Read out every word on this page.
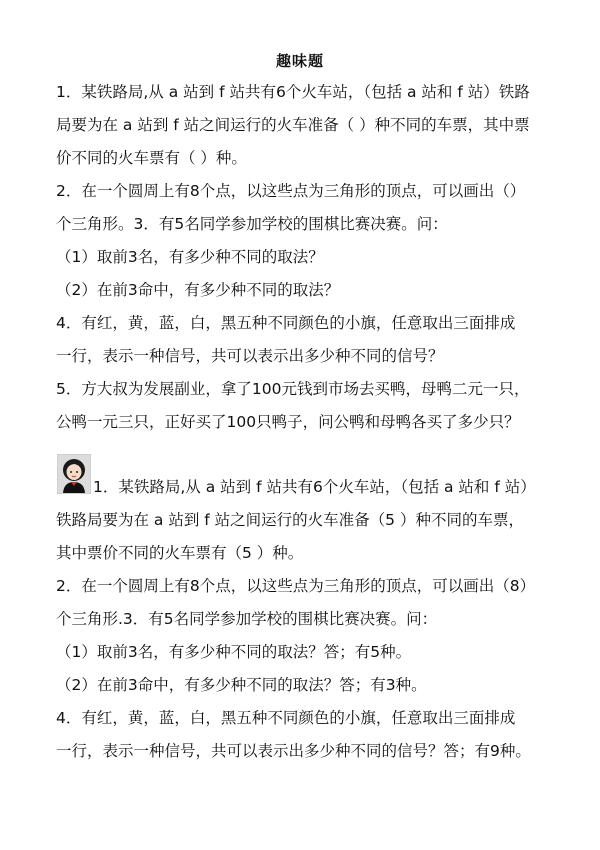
趣味题
1．某铁路局,从 a 站到 f 站共有6个火车站，（包括 a 站和 f 站）铁路
局要为在 a 站到 f 站之间运行的火车准备（ ）种不同的车票，其中票
价不同的火车票有（ ）种。
2．在一个圆周上有8个点，以这些点为三角形的顶点，可以画出（）
个三角形。3．有5名同学参加学校的围棋比赛决赛。问：
（1）取前3名，有多少种不同的取法？
（2）在前3命中，有多少种不同的取法？
4．有红，黄，蓝，白，黑五种不同颜色的小旗，任意取出三面排成
一行，表示一种信号，共可以表示出多少种不同的信号？
5．方大叔为发展副业，拿了100元钱到市场去买鸭，母鸭二元一只，
公鸭一元三只，正好买了100只鸭子，问公鸭和母鸭各买了多少只？
1．某铁路局,从 a 站到 f 站共有6个火车站，（包括 a 站和 f 站）
铁路局要为在 a 站到 f 站之间运行的火车准备（5 ）种不同的车票，
其中票价不同的火车票有（5 ）种。
2．在一个圆周上有8个点，以这些点为三角形的顶点，可以画出（8）
个三角形.3．有5名同学参加学校的围棋比赛决赛。问：
（1）取前3名，有多少种不同的取法？答；有5种。
（2）在前3命中，有多少种不同的取法？答；有3种。
4．有红，黄，蓝，白，黑五种不同颜色的小旗，任意取出三面排成
一行，表示一种信号，共可以表示出多少种不同的信号？答；有9种。
